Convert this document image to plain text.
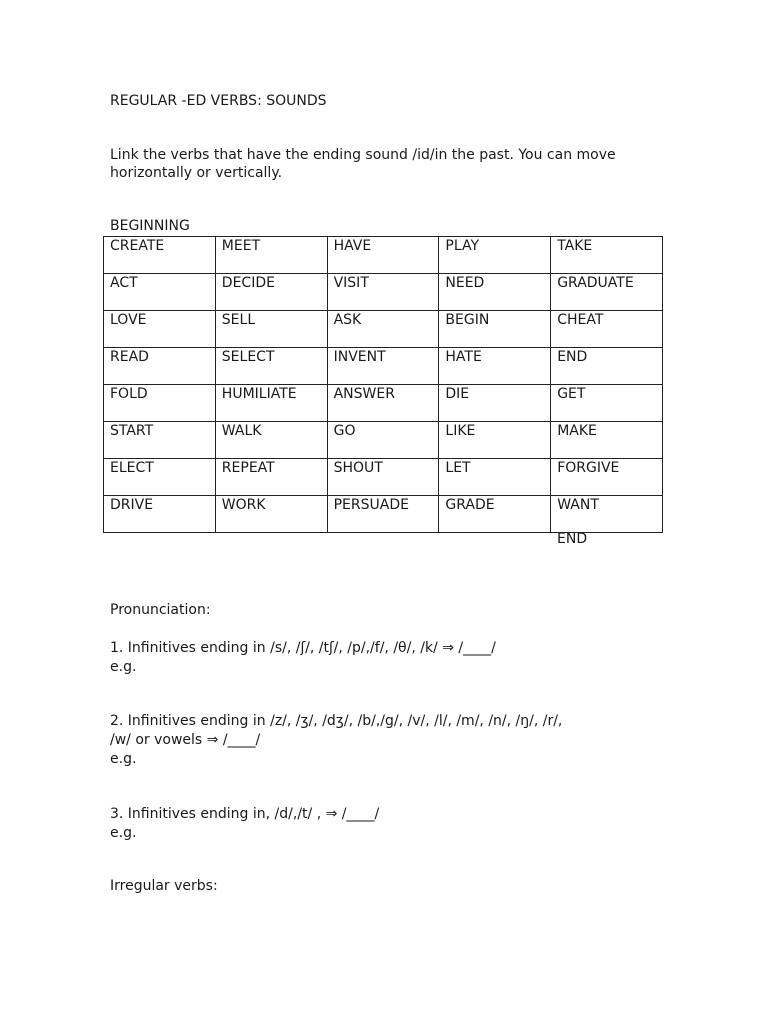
REGULAR -ED VERBS: SOUNDS
Link the verbs that have the ending sound /id/in the past. You can move
horizontally or vertically.
BEGINNING
CREATE	MEET	HAVE	PLAY	TAKE
ACT	DECIDE	VISIT	NEED	GRADUATE
LOVE	SELL	ASK	BEGIN	CHEAT
READ	SELECT	INVENT	HATE	END
FOLD	HUMILIATE	ANSWER	DIE	GET
START	WALK	GO	LIKE	MAKE
ELECT	REPEAT	SHOUT	LET	FORGIVE
DRIVE	WORK	PERSUADE	GRADE	WANT
END
Pronunciation:
1. Infinitives ending in /s/, /ʃ/, /tʃ/, /p/,/f/, /θ/, /k/ ⇒ /____/
e.g.
2. Infinitives ending in /z/, /ʒ/, /dʒ/, /b/,/g/, /v/, /l/, /m/, /n/, /ŋ/, /r/,
/w/ or vowels ⇒ /____/
e.g.
3. Infinitives ending in, /d/,/t/ , ⇒ /____/
e.g.
Irregular verbs:
